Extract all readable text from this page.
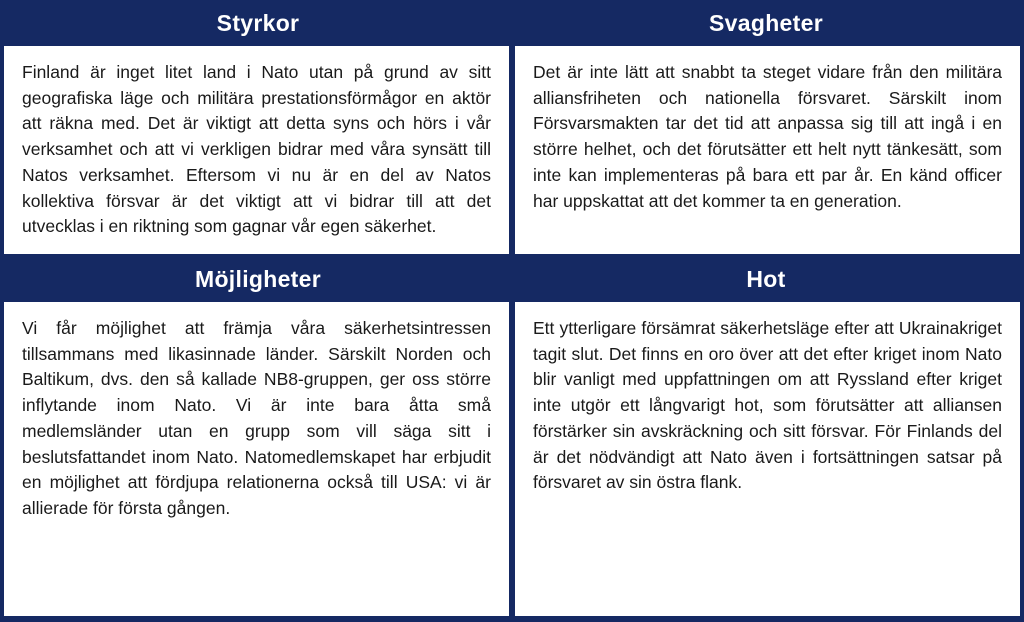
Styrkor	Svagheter

Finland är inget litet land i Nato utan på grund av sitt geografiska läge och militära prestationsförmågor en aktör att räkna med. Det är viktigt att detta syns och hörs i vår verksamhet och att vi verkligen bidrar med våra synsätt till Natos verksamhet. Eftersom vi nu är en del av Natos kollektiva försvar är det viktigt att vi bidrar till att det utvecklas i en riktning som gagnar vår egen säkerhet.

Det är inte lätt att snabbt ta steget vidare från den militära alliansfriheten och nationella försvaret. Särskilt inom Försvarsmakten tar det tid att anpassa sig till att ingå i en större helhet, och det förutsätter ett helt nytt tänkesätt, som inte kan implementeras på bara ett par år. En känd officer har uppskattat att det kommer ta en generation.

Möjligheter	Hot

Vi får möjlighet att främja våra säkerhetsintressen tillsammans med likasinnade länder. Särskilt Norden och Baltikum, dvs. den så kallade NB8-gruppen, ger oss större inflytande inom Nato. Vi är inte bara åtta små medlemsländer utan en grupp som vill säga sitt i beslutsfattandet inom Nato. Natomedlemskapet har erbjudit en möjlighet att fördjupa relationerna också till USA: vi är allierade för första gången.

Ett ytterligare försämrat säkerhetsläge efter att Ukrainakriget tagit slut. Det finns en oro över att det efter kriget inom Nato blir vanligt med uppfattningen om att Ryssland efter kriget inte utgör ett långvarigt hot, som förutsätter att alliansen förstärker sin avskräckning och sitt försvar. För Finlands del är det nödvändigt att Nato även i fortsättningen satsar på försvaret av sin östra flank.
